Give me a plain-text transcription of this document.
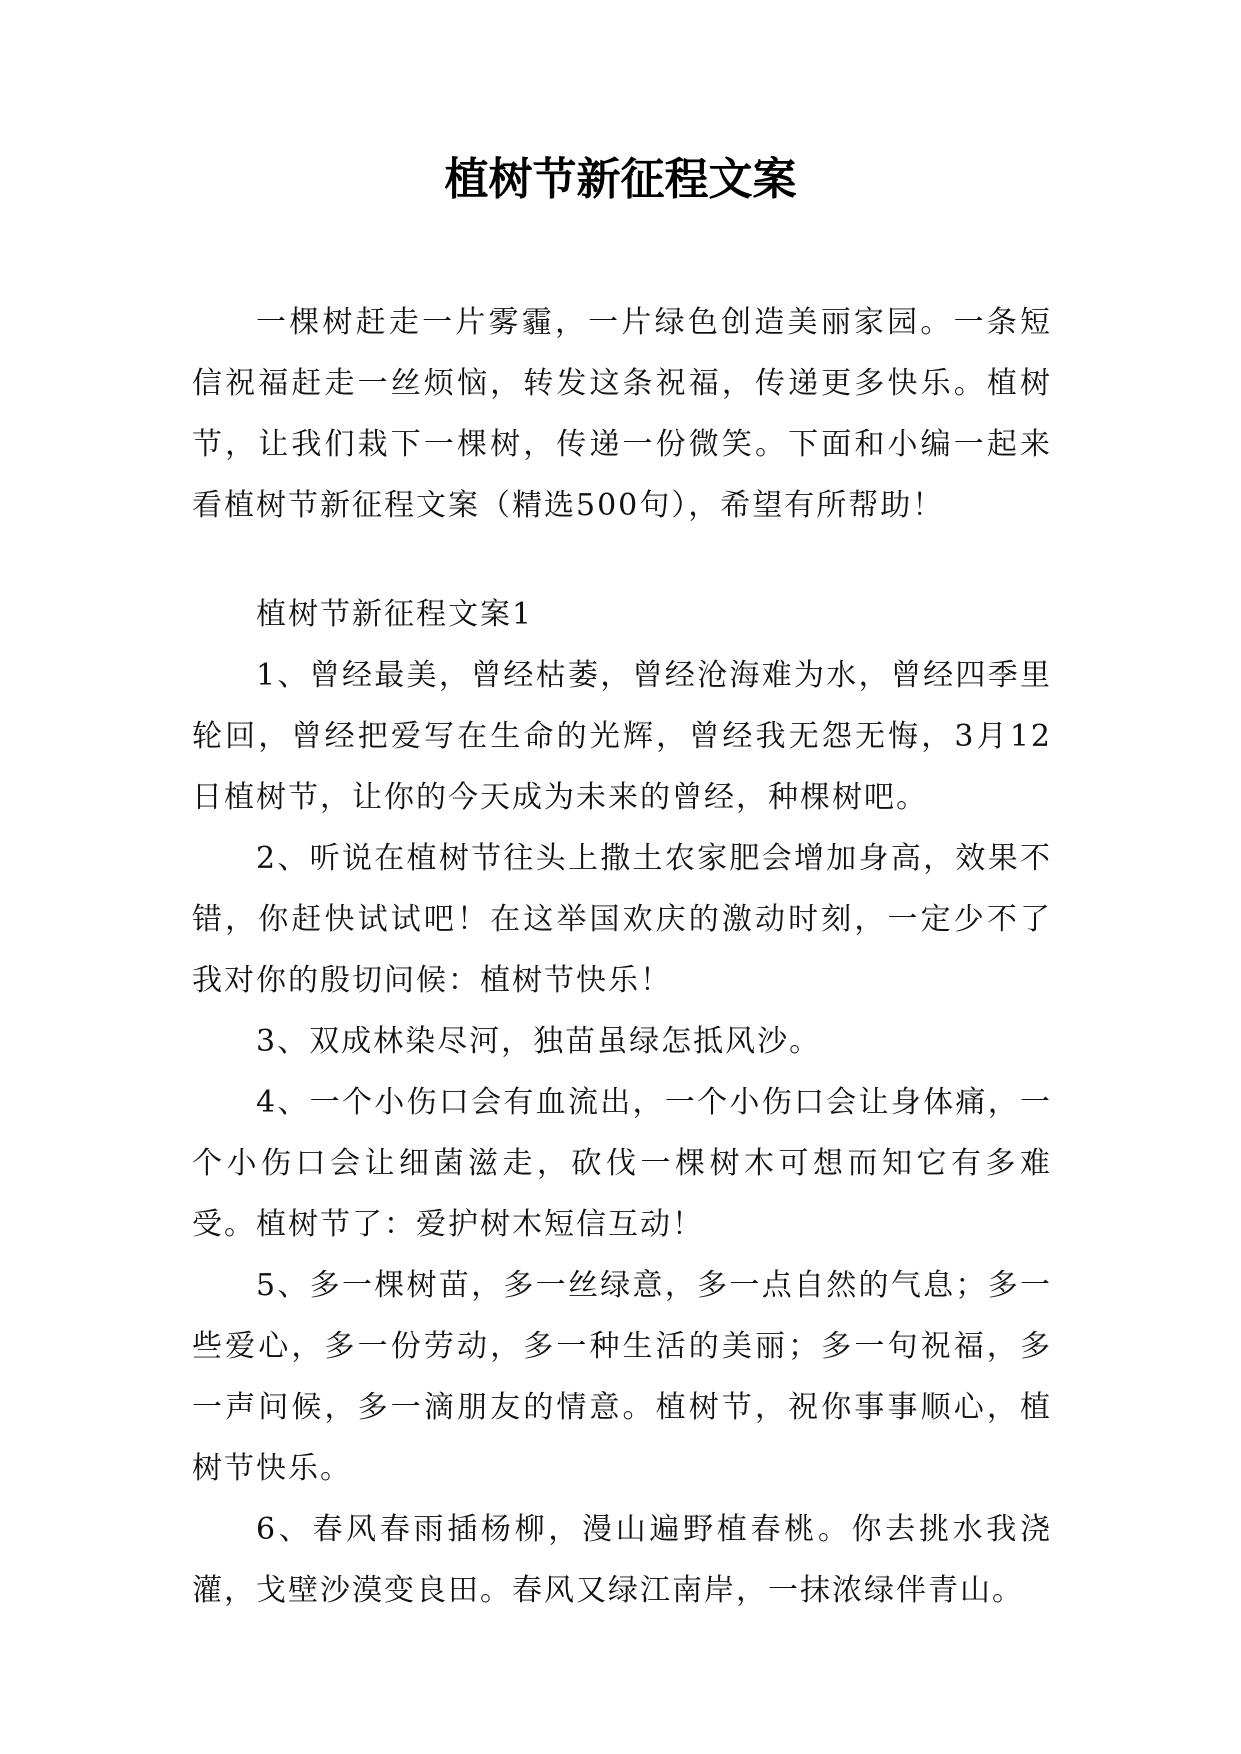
植树节新征程文案

一棵树赶走一片雾霾，一片绿色创造美丽家园。一条短信祝福赶走一丝烦恼，转发这条祝福，传递更多快乐。植树节，让我们栽下一棵树，传递一份微笑。下面和小编一起来看植树节新征程文案（精选500句），希望有所帮助！

植树节新征程文案1

1、曾经最美，曾经枯萎，曾经沧海难为水，曾经四季里轮回，曾经把爱写在生命的光辉，曾经我无怨无悔，3月12日植树节，让你的今天成为未来的曾经，种棵树吧。

2、听说在植树节往头上撒土农家肥会增加身高，效果不错，你赶快试试吧！在这举国欢庆的激动时刻，一定少不了我对你的殷切问候：植树节快乐！

3、双成林染尽河，独苗虽绿怎抵风沙。

4、一个小伤口会有血流出，一个小伤口会让身体痛，一个小伤口会让细菌滋走，砍伐一棵树木可想而知它有多难受。植树节了：爱护树木短信互动！

5、多一棵树苗，多一丝绿意，多一点自然的气息；多一些爱心，多一份劳动，多一种生活的美丽；多一句祝福，多一声问候，多一滴朋友的情意。植树节，祝你事事顺心，植树节快乐。

6、春风春雨插杨柳，漫山遍野植春桃。你去挑水我浇灌，戈壁沙漠变良田。春风又绿江南岸，一抹浓绿伴青山。
